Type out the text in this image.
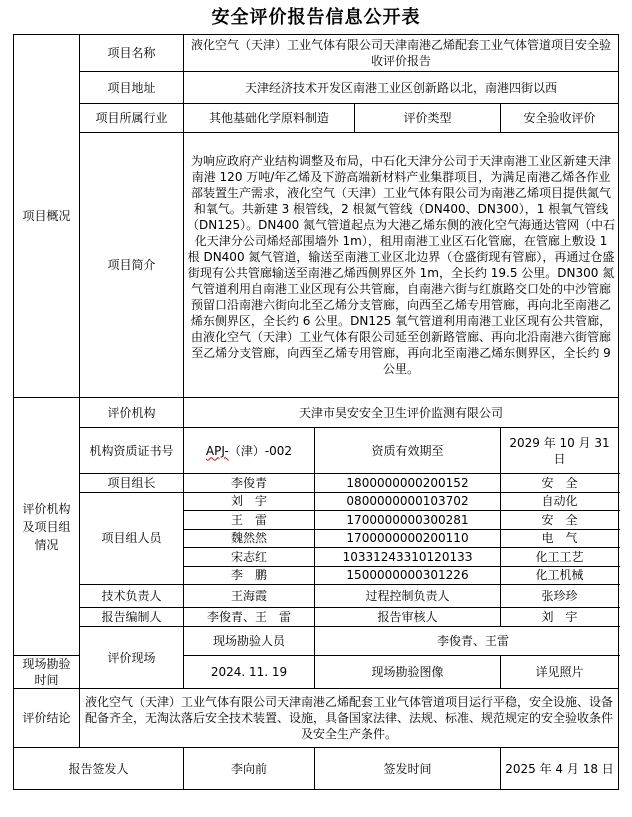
安全评价报告信息公开表
项目概况	项目名称	液化空气（天津）工业气体有限公司天津南港乙烯配套工业气体管道项目安全验收评价报告			
	项目地址	天津经济技术开发区南港工业区创新路以北，南港四街以西			
	项目所属行业	其他基础化学原料制造		评价类型	安全验收评价
	项目简介	为响应政府产业结构调整及布局，中石化天津分公司于天津南港工业区新建天津南港 120 万吨/年乙烯及下游高端新材料产业集群项目，为满足南港乙烯各作业部装置生产需求，液化空气（天津）工业气体有限公司为南港乙烯项目提供氮气和氧气。共新建 3 根管线，2 根氮气管线（DN400、DN300），1 根氧气管线（DN125）。DN400 氮气管道起点为大港乙烯东侧的液化空气海通达管网（中石化天津分公司烯烃部围墙外 1m），租用南港工业区石化管廊，在管廊上敷设 1 根 DN400 氮气管道，输送至南港工业区北边界（仓盛街现有管廊），再通过仓盛街现有公共管廊输送至南港乙烯西侧界区外 1m，全长约 19.5 公里。DN300 氮气管道利用自南港工业区现有公共管廊，自南港六街与红旗路交口处的中沙管廊预留口沿南港六街向北至乙烯分支管廊，向西至乙烯专用管廊，再向北至南港乙烯东侧界区，全长约 6 公里。DN125 氧气管道利用南港工业区现有公共管廊，由液化空气（天津）工业气体有限公司延至创新路管廊、再向北沿南港六街管廊至乙烯分支管廊，向西至乙烯专用管廊，再向北至南港乙烯东侧界区，全长约 9 公里。			
评价机构及项目组情况	评价机构	天津市昊安安全卫生评价监测有限公司			
	机构资质证书号	APJ-（津）-002	资质有效期至		2029 年 10 月 31 日
	项目组长	李俊青	1800000000200152		安　全
	项目组人员	刘　宇	0800000000103702		自动化
		王　雷	1700000000300281		安　全
		魏然然	1700000000200110		电　气
		宋志红	1033124331012013З		化工工艺
		李　鹏	1500000000301226		化工机械
	技术负责人	王海霞	过程控制负责人		张珍珍
	报告编制人	李俊青、王　雷	报告审核人		刘　宇
	评价现场	现场勘验人员	李俊青、王雷		
现场勘验时间		2024. 11. 19	现场勘验图像		详见照片
评价结论	液化空气（天津）工业气体有限公司天津南港乙烯配套工业气体管道项目运行平稳，安全设施、设备配备齐全，无淘汰落后安全技术装置、设施，具备国家法律、法规、标准、规范规定的安全验收条件及安全生产条件。				
报告签发人		李向前	签发时间		2025 年 4 月 18 日
